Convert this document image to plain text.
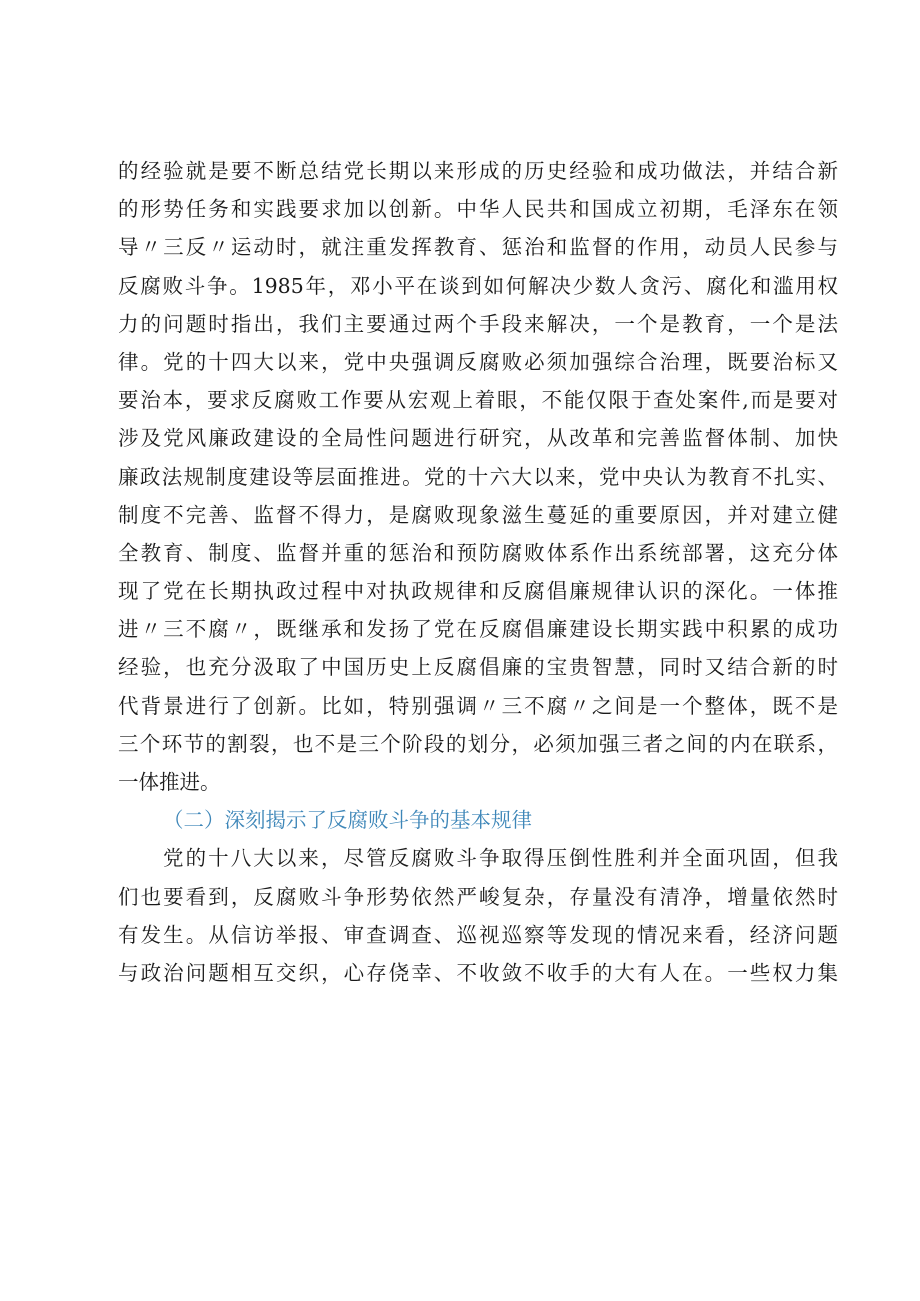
的经验就是要不断总结党长期以来形成的历史经验和成功做法，并结合新
的形势任务和实践要求加以创新。中华人民共和国成立初期，毛泽东在领
导〃三反〃运动时，就注重发挥教育、惩治和监督的作用，动员人民参与
反腐败斗争。1985年，邓小平在谈到如何解决少数人贪污、腐化和滥用权
力的问题时指出，我们主要通过两个手段来解决，一个是教育，一个是法
律。党的十四大以来，党中央强调反腐败必须加强综合治理，既要治标又
要治本，要求反腐败工作要从宏观上着眼，不能仅限于查处案件,而是要对
涉及党风廉政建设的全局性问题进行研究，从改革和完善监督体制、加快
廉政法规制度建设等层面推进。党的十六大以来，党中央认为教育不扎实、
制度不完善、监督不得力，是腐败现象滋生蔓延的重要原因，并对建立健
全教育、制度、监督并重的惩治和预防腐败体系作出系统部署，这充分体
现了党在长期执政过程中对执政规律和反腐倡廉规律认识的深化。一体推
进〃三不腐〃，既继承和发扬了党在反腐倡廉建设长期实践中积累的成功
经验，也充分汲取了中国历史上反腐倡廉的宝贵智慧，同时又结合新的时
代背景进行了创新。比如，特别强调〃三不腐〃之间是一个整体，既不是
三个环节的割裂，也不是三个阶段的划分，必须加强三者之间的内在联系，
一体推进。
（二）深刻揭示了反腐败斗争的基本规律
党的十八大以来，尽管反腐败斗争取得压倒性胜利并全面巩固，但我
们也要看到，反腐败斗争形势依然严峻复杂，存量没有清净，增量依然时
有发生。从信访举报、审查调查、巡视巡察等发现的情况来看，经济问题
与政治问题相互交织，心存侥幸、不收敛不收手的大有人在。一些权力集
